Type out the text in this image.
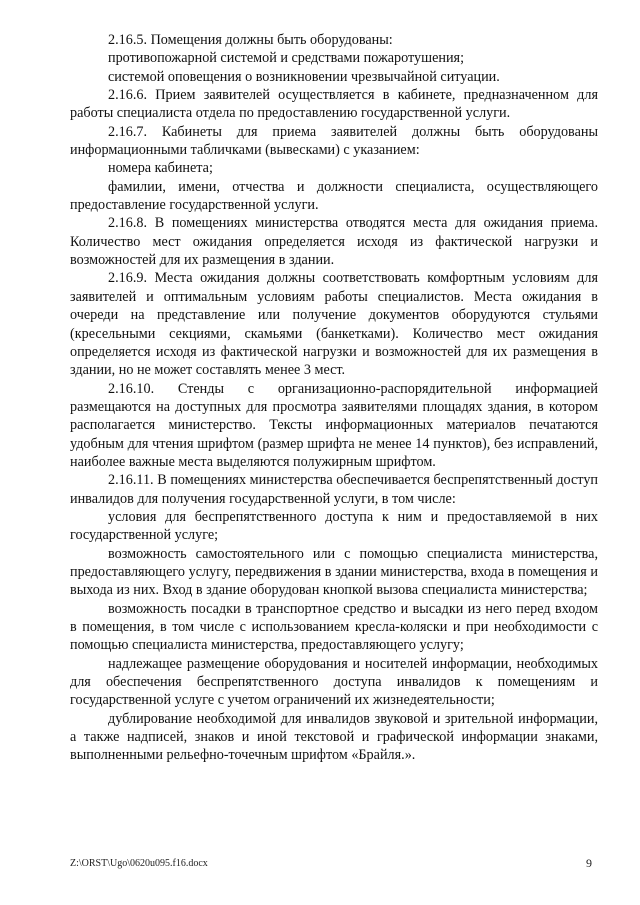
2.16.5. Помещения должны быть оборудованы:

противопожарной системой и средствами пожаротушения;

системой оповещения о возникновении чрезвычайной ситуации.

2.16.6. Прием заявителей осуществляется в кабинете, предназначенном для работы специалиста отдела по предоставлению государственной услуги.

2.16.7. Кабинеты для приема заявителей должны быть оборудованы информационными табличками (вывесками) с указанием:

номера кабинета;

фамилии, имени, отчества и должности специалиста, осуществляющего предоставление государственной услуги.

2.16.8. В помещениях министерства отводятся места для ожидания приема. Количество мест ожидания определяется исходя из фактической нагрузки и возможностей для их размещения в здании.

2.16.9. Места ожидания должны соответствовать комфортным условиям для заявителей и оптимальным условиям работы специалистов. Места ожидания в очереди на представление или получение документов оборудуются стульями (кресельными секциями, скамьями (банкетками). Количество мест ожидания определяется исходя из фактической нагрузки и возможностей для их размещения в здании, но не может составлять менее 3 мест.

2.16.10. Стенды с организационно-распорядительной информацией размещаются на доступных для просмотра заявителями площадях здания, в котором располагается министерство. Тексты информационных материалов печатаются удобным для чтения шрифтом (размер шрифта не менее 14 пунктов), без исправлений, наиболее важные места выделяются полужирным шрифтом.

2.16.11. В помещениях министерства обеспечивается беспрепятственный доступ инвалидов для получения государственной услуги, в том числе:

условия для беспрепятственного доступа к ним и предоставляемой в них государственной услуге;

возможность самостоятельного или с помощью специалиста министерства, предоставляющего услугу, передвижения в здании министерства, входа в помещения и выхода из них. Вход в здание оборудован кнопкой вызова специалиста министерства;

возможность посадки в транспортное средство и высадки из него перед входом в помещения, в том числе с использованием кресла-коляски и при необходимости с помощью специалиста министерства, предоставляющего услугу;

надлежащее размещение оборудования и носителей информации, необходимых для обеспечения беспрепятственного доступа инвалидов к помещениям и государственной услуге с учетом ограничений их жизнедеятельности;

дублирование необходимой для инвалидов звуковой и зрительной информации, а также надписей, знаков и иной текстовой и графической информации знаками, выполненными рельефно-точечным шрифтом «Брайля.».

Z:\ORST\Ugo\0620u095.f16.docx	9
